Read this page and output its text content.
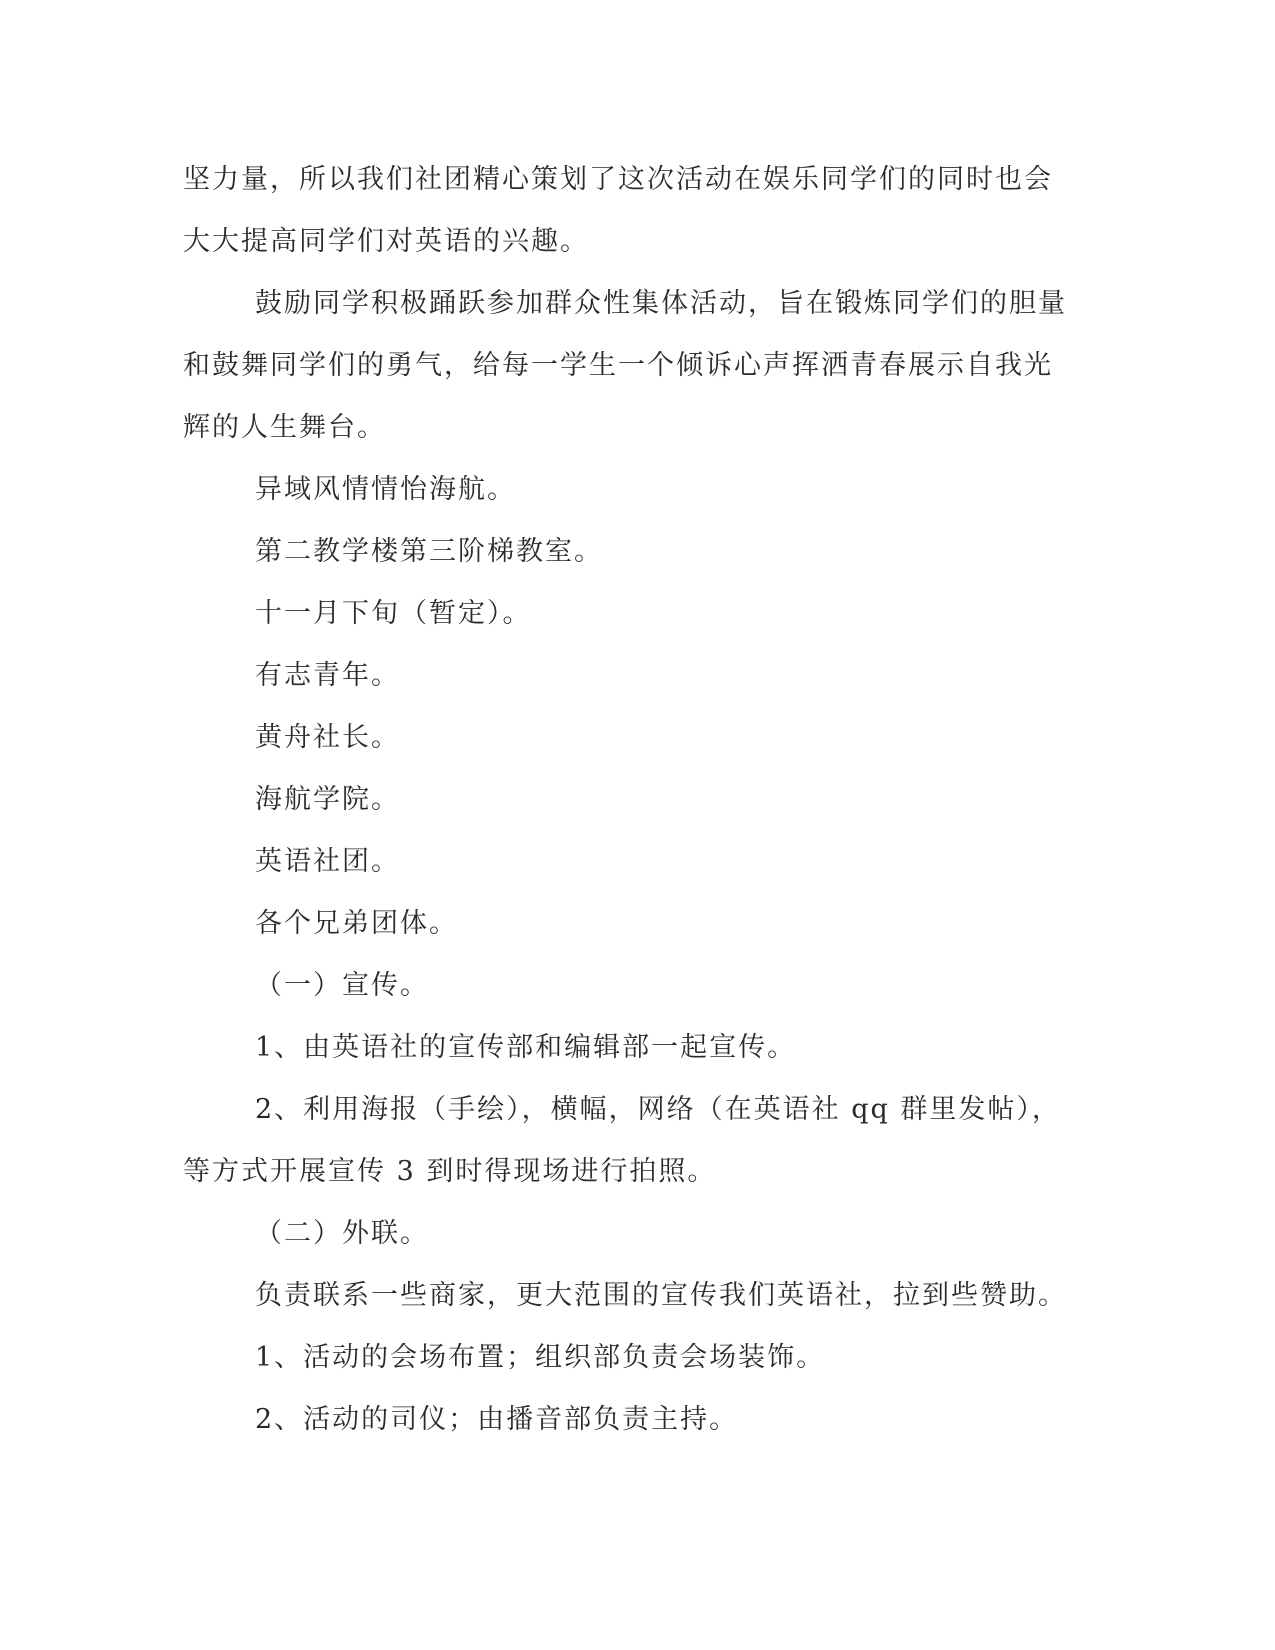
坚力量，所以我们社团精心策划了这次活动在娱乐同学们的同时也会
大大提高同学们对英语的兴趣。
鼓励同学积极踊跃参加群众性集体活动，旨在锻炼同学们的胆量
和鼓舞同学们的勇气，给每一学生一个倾诉心声挥洒青春展示自我光
辉的人生舞台。
异域风情情怡海航。
第二教学楼第三阶梯教室。
十一月下旬（暂定）。
有志青年。
黄舟社长。
海航学院。
英语社团。
各个兄弟团体。
（一）宣传。
1、由英语社的宣传部和编辑部一起宣传。
2、利用海报（手绘），横幅，网络（在英语社 qq 群里发帖），
等方式开展宣传 3 到时得现场进行拍照。
（二）外联。
负责联系一些商家，更大范围的宣传我们英语社，拉到些赞助。
1、活动的会场布置；组织部负责会场装饰。
2、活动的司仪；由播音部负责主持。
